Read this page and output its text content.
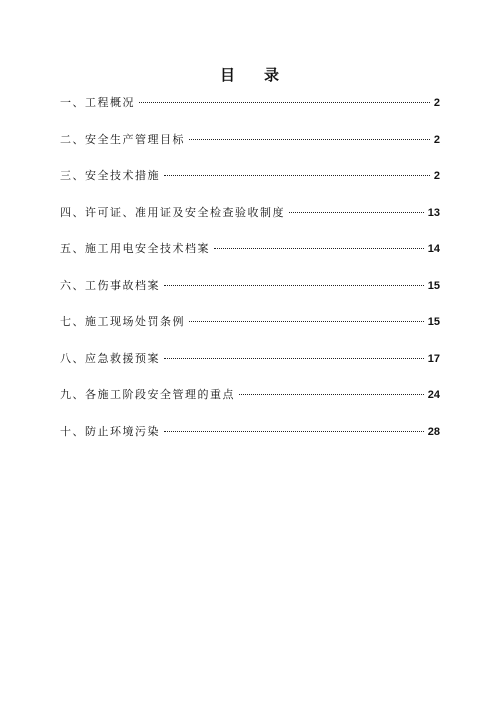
目 录
一、工程概况	2
二、安全生产管理目标	2
三、安全技术措施	2
四、许可证、准用证及安全检查验收制度	13
五、施工用电安全技术档案	14
六、工伤事故档案	15
七、施工现场处罚条例	15
八、应急救援预案	17
九、各施工阶段安全管理的重点	24
十、防止环境污染	28
